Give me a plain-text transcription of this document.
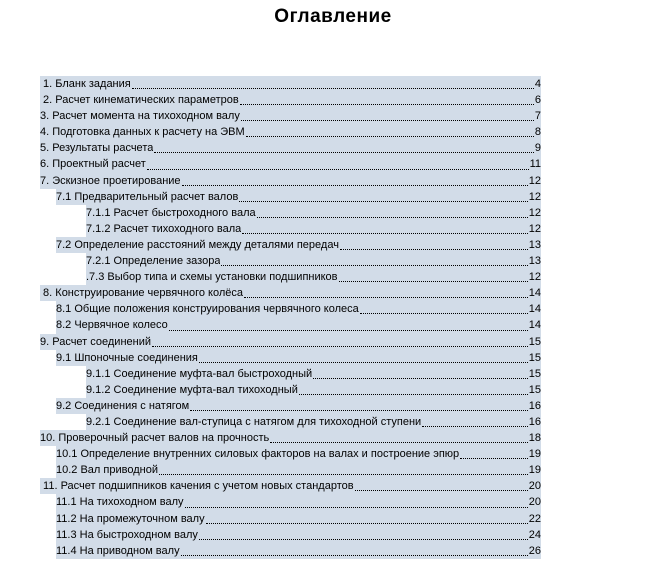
Оглавление
1. Бланк задания	4
2. Расчет кинематических параметров	6
3. Расчет момента на тихоходном валу	7
4. Подготовка данных к расчету на ЭВМ	8
5. Результаты расчета	9
6. Проектный расчет	11
7. Эскизное проетирование	12
7.1 Предварительный расчет валов	12
7.1.1 Расчет быстроходного вала	12
7.1.2 Расчет тихоходного вала	12
7.2 Определение расстояний между деталями передач	13
7.2.1 Определение зазора	13
.7.3 Выбор типа и схемы установки подшипников	12
8. Конструирование червячного колёса	14
8.1 Общие положения конструирования червячного колеса	14
8.2 Червячное колесо	14
9. Расчет соединений	15
9.1 Шпоночные соединения	15
9.1.1 Соединение муфта-вал быстроходный	15
9.1.2 Соединение муфта-вал тихоходный	15
9.2 Соединения с натягом	16
9.2.1 Соединение вал-ступица с натягом для тихоходной ступени	16
10. Проверочный расчет валов на прочность	18
10.1 Определение внутренних силовых факторов на валах и построение эпюр	19
10.2 Вал приводной	19
11. Расчет подшипников качения с учетом новых стандартов	20
11.1 На тихоходном валу	20
11.2 На промежуточном валу	22
11.3 На быстроходном валу	24
11.4 На приводном валу	26
